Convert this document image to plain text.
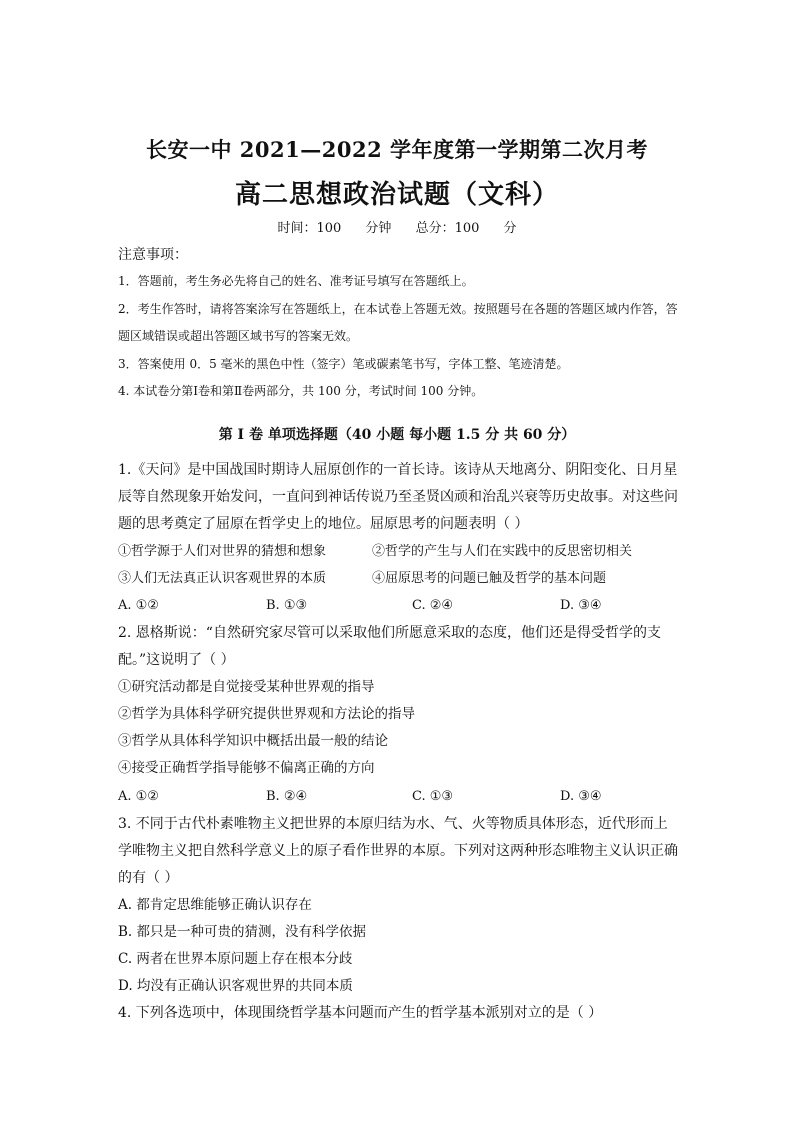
长安一中 2021—2022 学年度第一学期第二次月考
高二思想政治试题（文科）
时间：100 分钟 总分：100 分
注意事项：
1．答题前，考生务必先将自己的姓名、准考证号填写在答题纸上。
2．考生作答时，请将答案涂写在答题纸上，在本试卷上答题无效。按照题号在各题的答题区域内作答，答题区域错误或超出答题区域书写的答案无效。
3．答案使用 0．5 毫米的黑色中性（签字）笔或碳素笔书写，字体工整、笔迹清楚。
4. 本试卷分第Ⅰ卷和第Ⅱ卷两部分，共 100 分，考试时间 100 分钟。
第 I 卷 单项选择题（40 小题 每小题 1.5 分 共 60 分）
1.《天问》是中国战国时期诗人屈原创作的一首长诗。该诗从天地离分、阴阳变化、日月星辰等自然现象开始发问，一直问到神话传说乃至圣贤凶顽和治乱兴衰等历史故事。对这些问题的思考奠定了屈原在哲学史上的地位。屈原思考的问题表明（ ）
①哲学源于人们对世界的猜想和想象	②哲学的产生与人们在实践中的反思密切相关
③人们无法真正认识客观世界的本质	④屈原思考的问题已触及哲学的基本问题
A. ①②	B. ①③	C. ②④	D. ③④
2. 恩格斯说：“自然研究家尽管可以采取他们所愿意采取的态度，他们还是得受哲学的支配。”这说明了（ ）
①研究活动都是自觉接受某种世界观的指导
②哲学为具体科学研究提供世界观和方法论的指导
③哲学从具体科学知识中概括出最一般的结论
④接受正确哲学指导能够不偏离正确的方向
A. ①②	B. ②④	C. ①③	D. ③④
3. 不同于古代朴素唯物主义把世界的本原归结为水、气、火等物质具体形态，近代形而上学唯物主义把自然科学意义上的原子看作世界的本原。下列对这两种形态唯物主义认识正确的有（ ）
A. 都肯定思维能够正确认识存在
B. 都只是一种可贵的猜测，没有科学依据
C. 两者在世界本原问题上存在根本分歧
D. 均没有正确认识客观世界的共同本质
4. 下列各选项中，体现围绕哲学基本问题而产生的哲学基本派别对立的是（ ）
